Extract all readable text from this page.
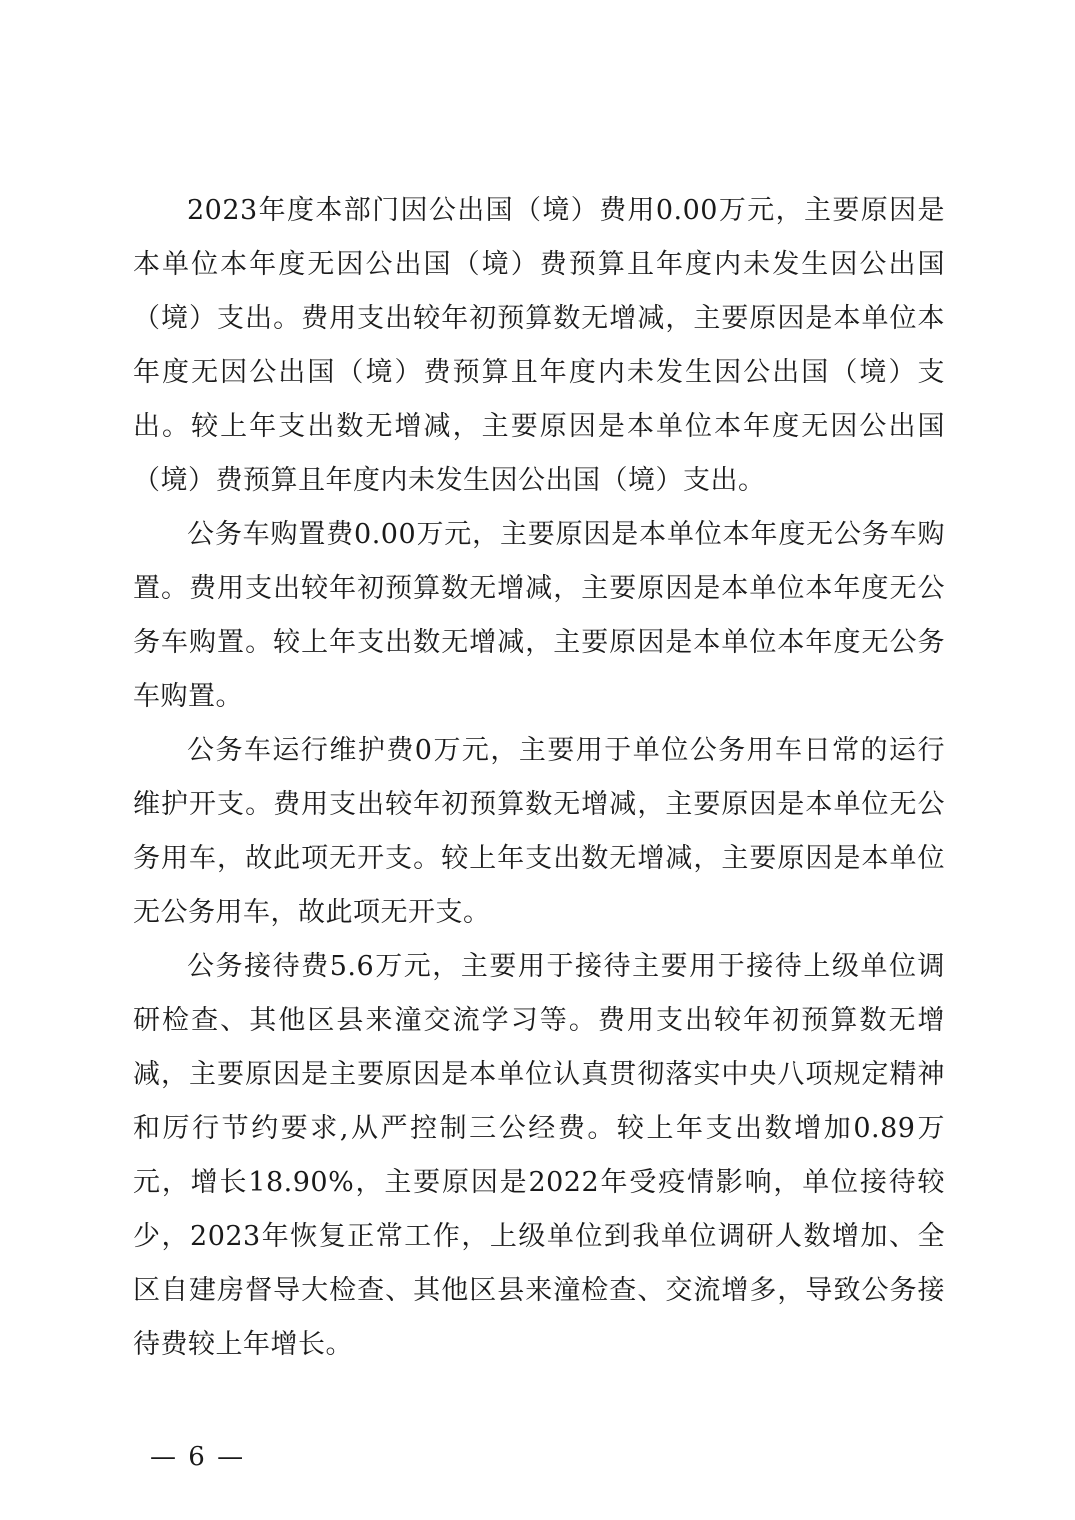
2023年度本部门因公出国（境）费用0.00万元，主要原因是本单位本年度无因公出国（境）费预算且年度内未发生因公出国（境）支出。费用支出较年初预算数无增减，主要原因是本单位本年度无因公出国（境）费预算且年度内未发生因公出国（境）支出。较上年支出数无增减，主要原因是本单位本年度无因公出国（境）费预算且年度内未发生因公出国（境）支出。

公务车购置费0.00万元，主要原因是本单位本年度无公务车购置。费用支出较年初预算数无增减，主要原因是本单位本年度无公务车购置。较上年支出数无增减，主要原因是本单位本年度无公务车购置。

公务车运行维护费0万元，主要用于单位公务用车日常的运行维护开支。费用支出较年初预算数无增减，主要原因是本单位无公务用车，故此项无开支。较上年支出数无增减，主要原因是本单位无公务用车，故此项无开支。

公务接待费5.6万元，主要用于接待主要用于接待上级单位调研检查、其他区县来潼交流学习等。费用支出较年初预算数无增减，主要原因是主要原因是本单位认真贯彻落实中央八项规定精神和厉行节约要求,从严控制三公经费。较上年支出数增加0.89万元，增长18.90%，主要原因是2022年受疫情影响，单位接待较少，2023年恢复正常工作，上级单位到我单位调研人数增加、全区自建房督导大检查、其他区县来潼检查、交流增多，导致公务接待费较上年增长。

— 6 —
